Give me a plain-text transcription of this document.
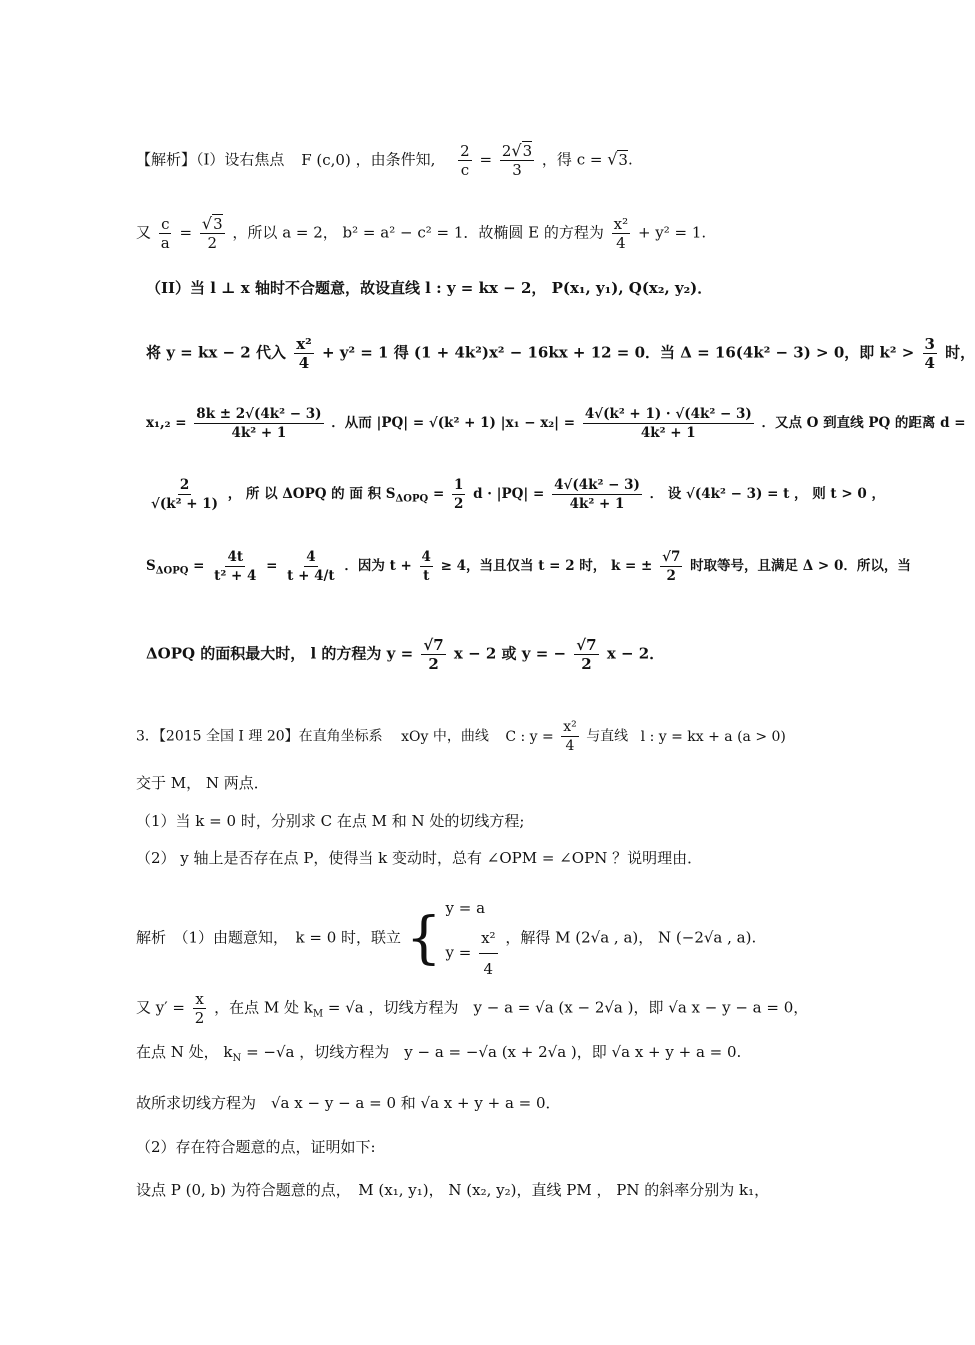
【解析】（I）设右焦点 F (c,0) ，由条件知, $\frac{2}{c} = \frac{2√3}{3}$ ，得 c = √3.
又 $\frac{c}{a} = \frac{√3}{2}$ ，所以 a = 2， b² = a² − c² = 1．故椭圆 E 的方程为 $\frac{\text{x²}}{4} + y^2 = 1$.
（II）当 l ⊥ x 轴时不合题意，故设直线 l : y = kx − 2， P(x₁, y₁), Q(x₂, y₂)．
将 y = kx − 2 代入 $\frac{\text{x²}}{4} + y^2 = 1$ 得 (1 + 4k²)x² − 16kx + 12 = 0．当 Δ = 16(4k² − 3) > 0，即 $k^2 > \frac{3}{4}$ 时，
$x_1,_2 = \frac{\text{8k ± 2√(4k² − 3)}}{\text{4k² + 1}}$ ．从而 |PQ| = √(k² + 1) $|x_1 - x_2| = \frac{\text{4√(k² + 1) · √(4k² − 3)}}{\text{4k² + 1}}$ ．又点 O 到直线 PQ 的距离 d =
$\frac{2}{\text{√(k² + 1)}}$ ， 所 以 ΔOPQ 的 面 积 $S_{\Delta OPQ} = \frac{1}{2}$ $d \cdot |PQ| = \frac{\text{4√(4k² − 3)}}{\text{4k² + 1}}$ ． 设 √(4k² − 3) = t ， 则 t > 0 ，
$S_{\Delta OPQ} = \frac{4t}{\text{t² + 4}} = \frac{4}{t + 4/t}$ ．因为 $t + \frac{4}{t} \ge 4$，当且仅当 t = 2 时， k = ± $\frac{√7}{2}$ 时取等号，且满足 Δ > 0．所以，当
ΔOPQ 的面积最大时， l 的方程为 $y = \frac{√7}{2}$ x − 2 或 y = − $\frac{√7}{2}$ x − 2．
3．【2015 全国 Ⅰ 理 20】在直角坐标系 xOy 中，曲线 C : $y = \frac{\text{x²}}{4}$ 与直线 l : y = kx + a (a > 0)
交于 M， N 两点．
（1）当 k = 0 时，分别求 C 在点 M 和 N 处的切线方程;
（2） y 轴上是否存在点 P，使得当 k 变动时，总有 ∠OPM = ∠OPN ？说明理由．
解析　（1）由题意知，　k = 0 时，联立 { y = a
$y = \frac{\text{x²}}{4}$ ，解得 M (2√a , a)， N (−2√a , a).
又 $y' = \frac{x}{2}$ ，在点 M 处 $k_M = √a$ ，切线方程为　y − a = √a (x − 2√a )，即 √a x − y − a = 0，
在点 N 处， $k_N = -√a$ ，切线方程为　y − a = −√a (x + 2√a )，即 √a x + y + a = 0.
故所求切线方程为　√a x − y − a = 0 和 √a x + y + a = 0．
（2）存在符合题意的点，证明如下:
设点 P (0, b) 为符合题意的点，　M (x₁, y₁)， N (x₂, y₂)，直线 PM ， PN 的斜率分别为 k₁，
